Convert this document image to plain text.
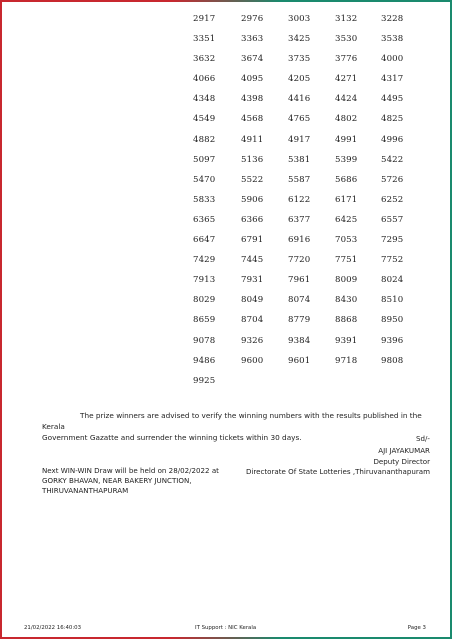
2917	2976	3003	3132	3228
3351	3363	3425	3530	3538
3632	3674	3735	3776	4000
4066	4095	4205	4271	4317
4348	4398	4416	4424	4495
4549	4568	4765	4802	4825
4882	4911	4917	4991	4996
5097	5136	5381	5399	5422
5470	5522	5587	5686	5726
5833	5906	6122	6171	6252
6365	6366	6377	6425	6557
6647	6791	6916	7053	7295
7429	7445	7720	7751	7752
7913	7931	7961	8009	8024
8029	8049	8074	8430	8510
8659	8704	8779	8868	8950
9078	9326	9384	9391	9396
9486	9600	9601	9718	9808
9925
The prize winners are advised to verify the winning numbers with the results published in the Kerala
Government Gazatte and surrender the winning tickets within 30 days.	Sd/-
AJI JAYAKUMAR
Deputy Director
Directorate Of State Lotteries ,Thiruvananthapuram
Next WIN-WIN Draw will be held on 28/02/2022 at
GORKY BHAVAN, NEAR BAKERY JUNCTION,
THIRUVANANTHAPURAM
21/02/2022 16:40:03	IT Support : NIC Kerala	Page 3
